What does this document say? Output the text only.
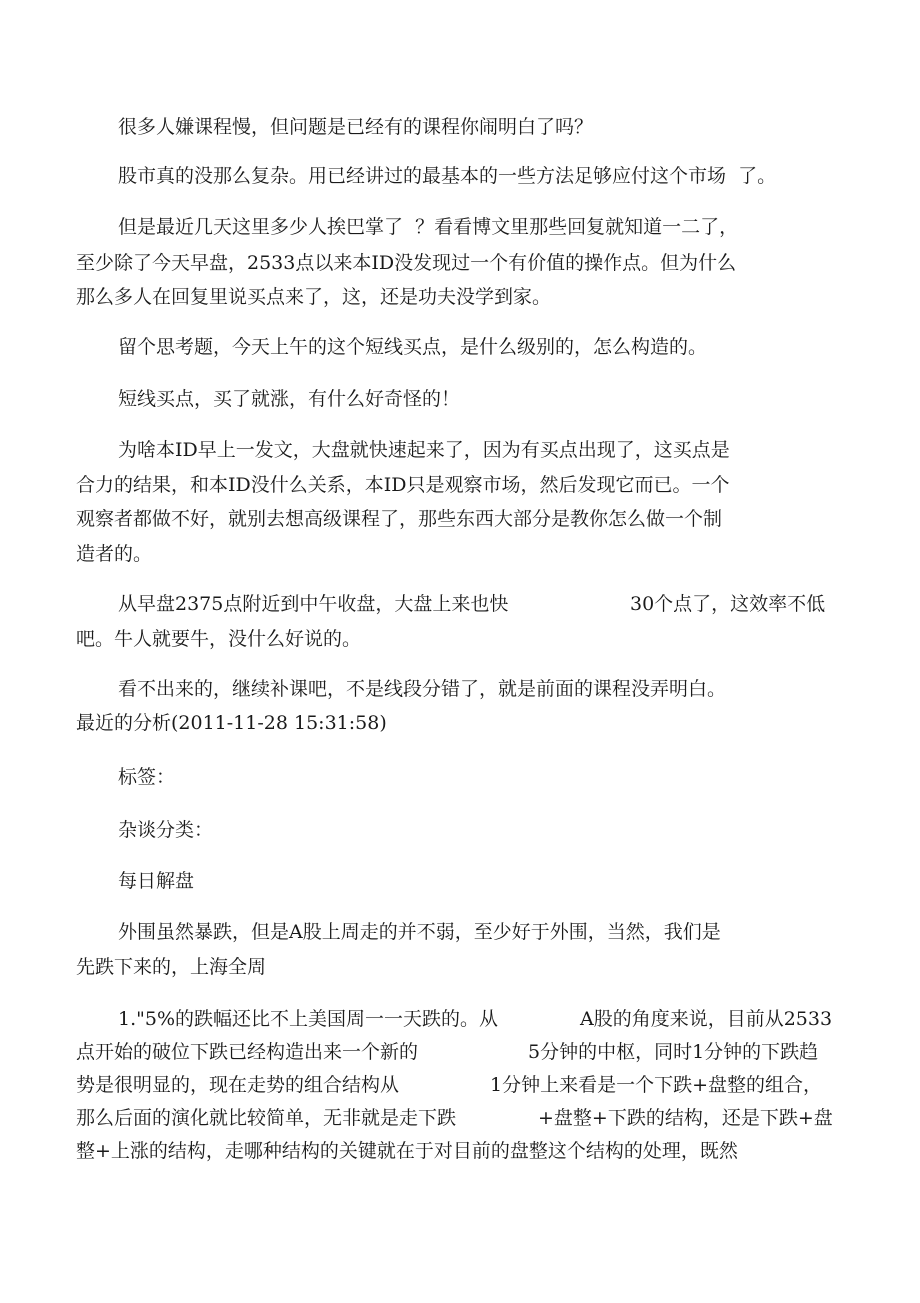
很多人嫌课程慢，但问题是已经有的课程你闹明白了吗？
股市真的没那么复杂。用已经讲过的最基本的一些方法足够应付这个市场  了。
但是最近几天这里多少人挨巴掌了  ？看看博文里那些回复就知道一二了，
至少除了今天早盘，2533点以来本ID没发现过一个有价值的操作点。但为什么
那么多人在回复里说买点来了，这，还是功夫没学到家。
留个思考题，今天上午的这个短线买点，是什么级别的，怎么构造的。
短线买点，买了就涨，有什么好奇怪的！
为啥本ID早上一发文，大盘就快速起来了，因为有买点出现了，这买点是
合力的结果，和本ID没什么关系，本ID只是观察市场，然后发现它而已。一个
观察者都做不好，就别去想高级课程了，那些东西大部分是教你怎么做一个制
造者的。
从早盘2375点附近到中午收盘，大盘上来也快	30个点了，这效率不低
吧。牛人就要牛，没什么好说的。
看不出来的，继续补课吧，不是线段分错了，就是前面的课程没弄明白。
最近的分析(2011-11-28 15:31:58)
标签：
杂谈分类：
每日解盘
外围虽然暴跌，但是A股上周走的并不弱，至少好于外围，当然，我们是
先跌下来的，上海全周
1."5%的跌幅还比不上美国周一一天跌的。从	A股的角度来说，目前从2533
点开始的破位下跌已经构造出来一个新的	5分钟的中枢，同时1分钟的下跌趋
势是很明显的，现在走势的组合结构从	1分钟上来看是一个下跌+盘整的组合，
那么后面的演化就比较简单，无非就是走下跌	+盘整+下跌的结构，还是下跌+盘
整+上涨的结构，走哪种结构的关键就在于对目前的盘整这个结构的处理，既然
